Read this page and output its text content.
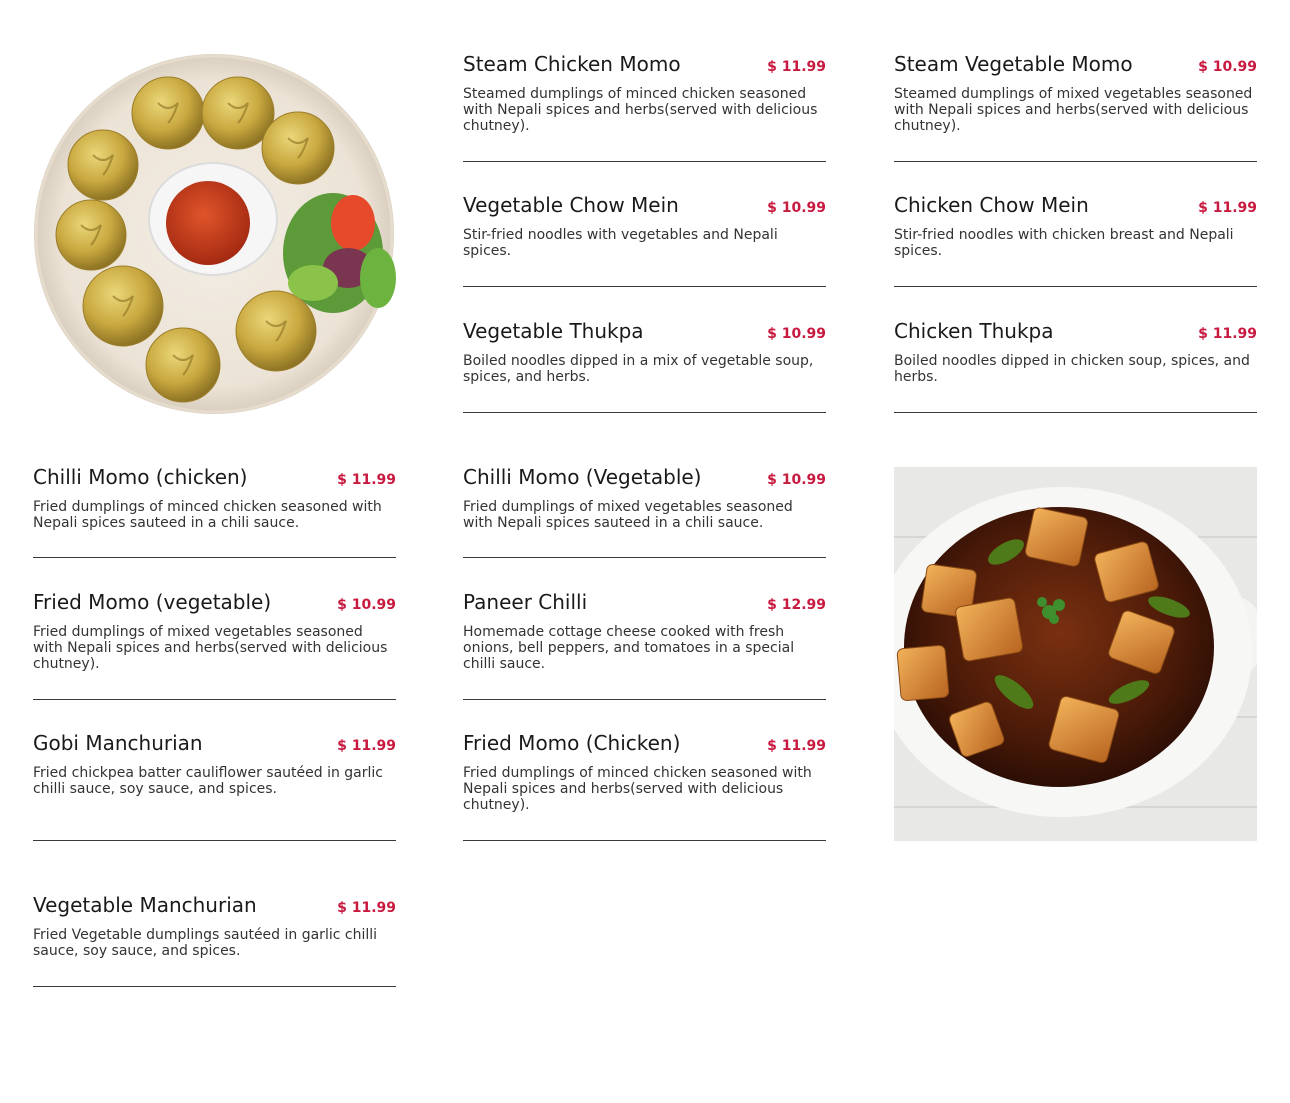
Steam Chicken Momo	$ 11.99
Steamed dumplings of minced chicken seasoned with Nepali spices and herbs(served with delicious chutney).
Steam Vegetable Momo	$ 10.99
Steamed dumplings of mixed vegetables seasoned with Nepali spices and herbs(served with delicious chutney).
Vegetable Chow Mein	$ 10.99
Stir-fried noodles with vegetables and Nepali spices.
Chicken Chow Mein	$ 11.99
Stir-fried noodles with chicken breast and Nepali spices.
Vegetable Thukpa	$ 10.99
Boiled noodles dipped in a mix of vegetable soup, spices, and herbs.
Chicken Thukpa	$ 11.99
Boiled noodles dipped in chicken soup, spices, and herbs.
Chilli Momo (chicken)	$ 11.99
Fried dumplings of minced chicken seasoned with Nepali spices sauteed in a chili sauce.
Chilli Momo (Vegetable)	$ 10.99
Fried dumplings of mixed vegetables seasoned with Nepali spices sauteed in a chili sauce.
Fried Momo (vegetable)	$ 10.99
Fried dumplings of mixed vegetables seasoned with Nepali spices and herbs(served with delicious chutney).
Paneer Chilli	$ 12.99
Homemade cottage cheese cooked with fresh onions, bell peppers, and tomatoes in a special chilli sauce.
Gobi Manchurian	$ 11.99
Fried chickpea batter cauliflower sautéed in garlic chilli sauce, soy sauce, and spices.
Fried Momo (Chicken)	$ 11.99
Fried dumplings of minced chicken seasoned with Nepali spices and herbs(served with delicious chutney).
Vegetable Manchurian	$ 11.99
Fried Vegetable dumplings sautéed in garlic chilli sauce, soy sauce, and spices.
